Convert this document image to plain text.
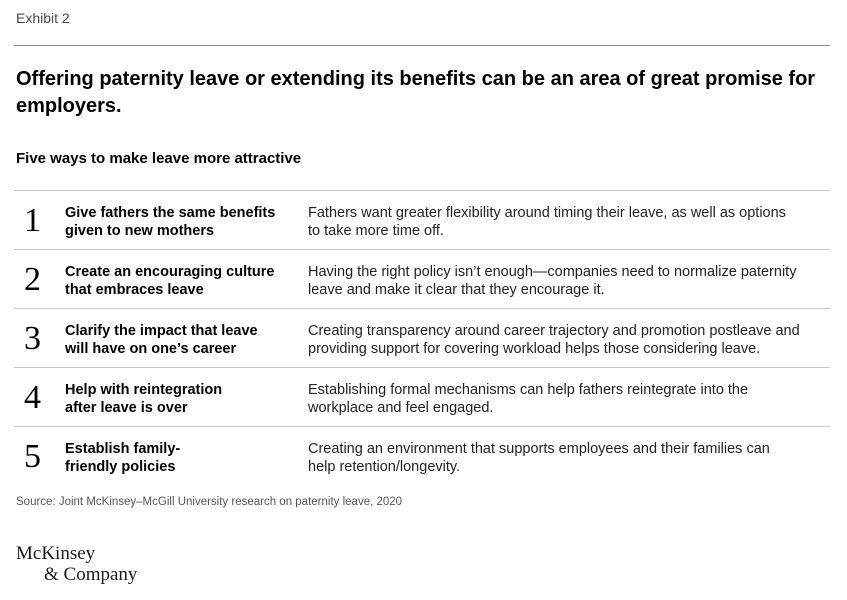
Exhibit 2
Offering paternity leave or extending its benefits can be an area of great promise for employers.
Five ways to make leave more attractive
1 Give fathers the same benefits
given to new mothers
Fathers want greater flexibility around timing their leave, as well as options
to take more time off.
2 Create an encouraging culture
that embraces leave
Having the right policy isn’t enough—companies need to normalize paternity
leave and make it clear that they encourage it.
3 Clarify the impact that leave
will have on one’s career
Creating transparency around career trajectory and promotion postleave and
providing support for covering workload helps those considering leave.
4 Help with reintegration
after leave is over
Establishing formal mechanisms can help fathers reintegrate into the
workplace and feel engaged.
5 Establish family-
friendly policies
Creating an environment that supports employees and their families can
help retention/longevity.
Source: Joint McKinsey–McGill University research on paternity leave, 2020
McKinsey
& Company
